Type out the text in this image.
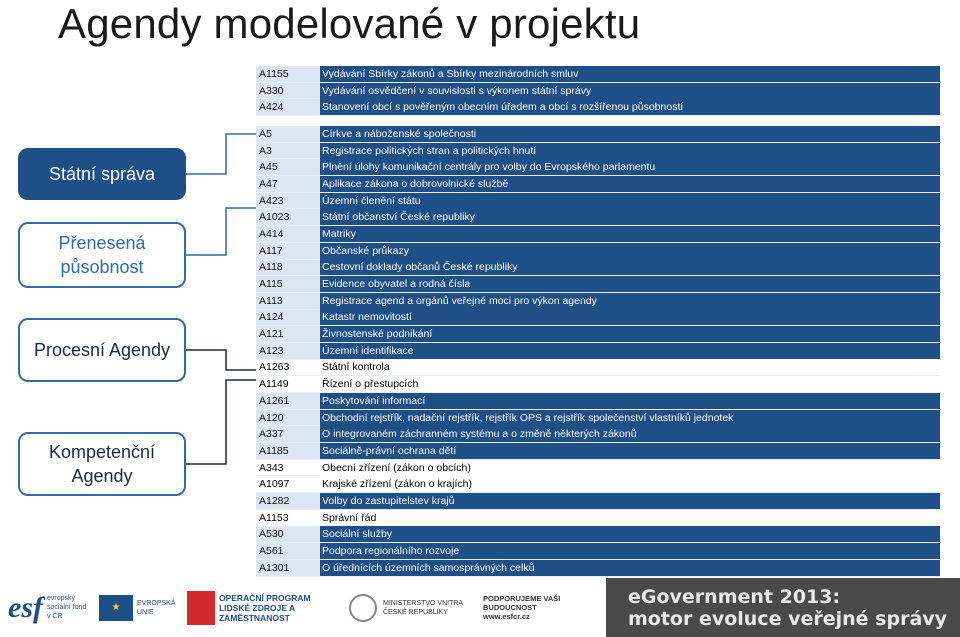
Agendy modelované v projektu
Státní správa
Přenesená působnost
Procesní Agendy
Kompetenční Agendy
A1155	Vydávání Sbírky zákonů a Sbírky mezinárodních smluv
A330	Vydávání osvědčení v souvislosti s výkonem státní správy
A424	Stanovení obcí s pověřeným obecním úřadem a obcí s rozšířenou působností
A5	Církve a náboženské společnosti
A3	Registrace politických stran a politických hnutí
A45	Plnění úlohy komunikační centrály pro volby do Evropského parlamentu
A47	Aplikace zákona o dobrovolnické službě
A423	Územní členění státu
A1023	Státní občanství České republiky
A414	Matriky
A117	Občanské průkazy
A118	Cestovní doklady občanů České republiky
A115	Evidence obyvatel a rodná čísla
A113	Registrace agend a orgánů veřejné moci pro výkon agendy
A124	Katastr nemovitostí
A121	Živnostenské podnikání
A123	Územní identifikace
A1263	Státní kontrola
A1149	Řízení o přestupcích
A1261	Poskytování informací
A120	Obchodní rejstřík, nadační rejstřík, rejstřík OPS a rejstřík společenství vlastníků jednotek
A337	O integrovaném záchranném systému a o změně některých zákonů
A1185	Sociálně-právní ochrana dětí
A343	Obecní zřízení (zákon o obcích)
A1097	Krajské zřízení (zákon o krajích)
A1282	Volby do zastupitelstev krajů
A1153	Správní řád
A530	Sociální služby
A561	Podpora regionálního rozvoje
A1301	O úřednících územních samosprávných celků
esf evropský sociální fond v ČR
★	EVROPSKÁ UNIE
OPERAČNÍ PROGRAM LIDSKÉ ZDROJE A ZAMĚSTNANOST
MINISTERSTVO VNITRA ČESKÉ REPUBLIKY
PODPORUJEME VAŠI BUDOUCNOST www.esfcr.cz
eGovernment 2013:
motor evoluce veřejné správy
